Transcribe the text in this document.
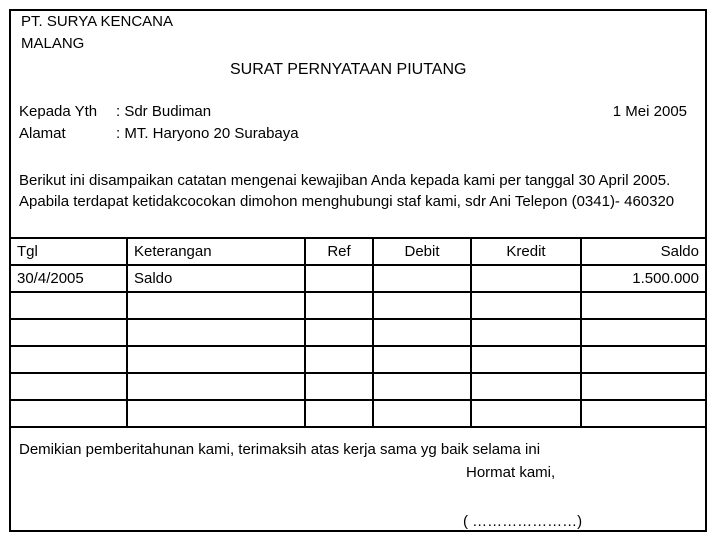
PT. SURYA KENCANA
MALANG
SURAT PERNYATAAN PIUTANG
Kepada Yth : Sdr Budiman	1 Mei 2005
Alamat	: MT. Haryono 20 Surabaya
Berikut ini disampaikan catatan mengenai kewajiban Anda kepada kami per tanggal 30 April 2005. Apabila terdapat ketidakcocokan dimohon menghubungi staf kami, sdr Ani Telepon (0341)- 460320
Tgl	Keterangan	Ref	Debit	Kredit	Saldo
30/4/2005	Saldo				1.500.000

Demikian pemberitahunan kami, terimaksih atas kerja sama yg baik selama ini
Hormat kami,
( …………………)
